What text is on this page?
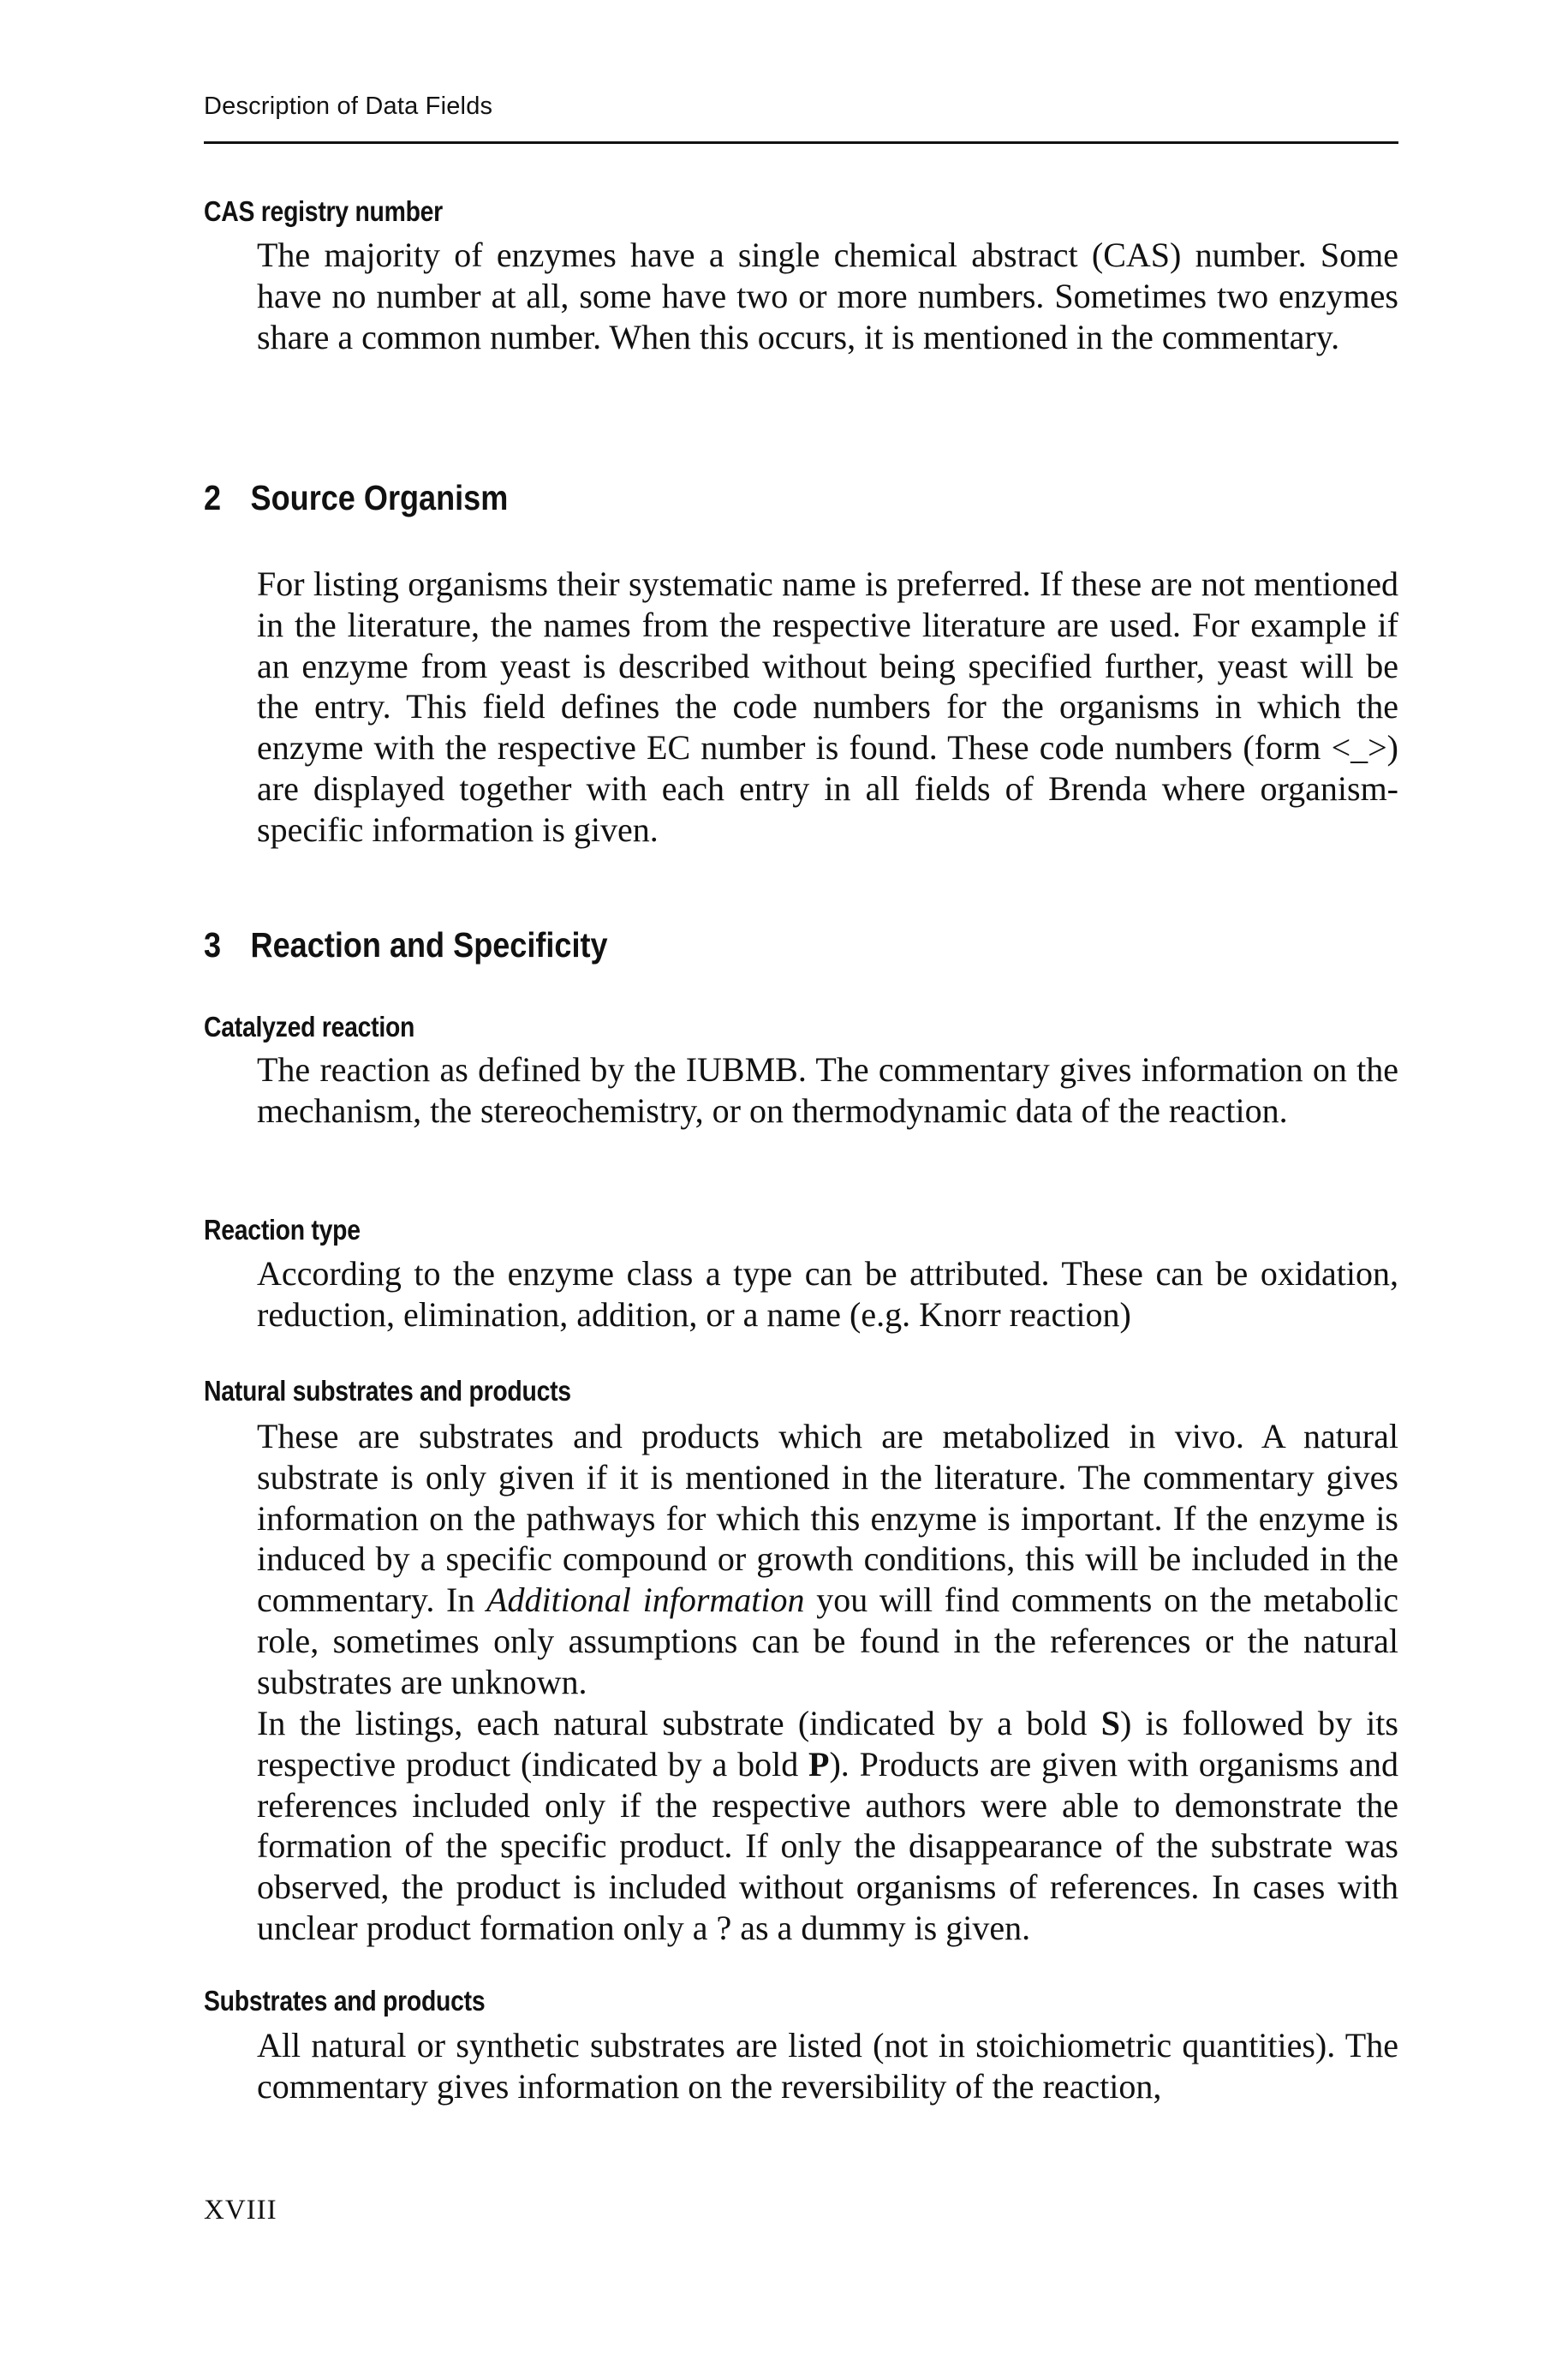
Description of Data Fields
CAS registry number

The majority of enzymes have a single chemical abstract (CAS) number. Some have no number at all, some have two or more numbers. Sometimes two enzymes share a common number. When this occurs, it is mentioned in the commentary.

2 Source Organism

For listing organisms their systematic name is preferred. If these are not mentioned in the literature, the names from the respective literature are used. For example if an enzyme from yeast is described without being specified further, yeast will be the entry. This field defines the code numbers for the organisms in which the enzyme with the respective EC number is found. These code numbers (form <_>) are displayed together with each entry in all fields of Brenda where organism-specific information is given.

3 Reaction and Specificity
Catalyzed reaction

The reaction as defined by the IUBMB. The commentary gives information on the mechanism, the stereochemistry, or on thermodynamic data of the reaction.

Reaction type

According to the enzyme class a type can be attributed. These can be oxidation, reduction, elimination, addition, or a name (e.g. Knorr reaction)

Natural substrates and products

These are substrates and products which are metabolized in vivo. A natural substrate is only given if it is mentioned in the literature. The commentary gives information on the pathways for which this enzyme is important. If the enzyme is induced by a specific compound or growth conditions, this will be included in the commentary. In Additional information you will find comments on the metabolic role, sometimes only assumptions can be found in the references or the natural substrates are unknown.

In the listings, each natural substrate (indicated by a bold S) is followed by its respective product (indicated by a bold P). Products are given with organisms and references included only if the respective authors were able to demonstrate the formation of the specific product. If only the disappearance of the substrate was observed, the product is included without organisms of references. In cases with unclear product formation only a ? as a dummy is given.

Substrates and products

All natural or synthetic substrates are listed (not in stoichiometric quantities). The commentary gives information on the reversibility of the reaction,

XVIII
